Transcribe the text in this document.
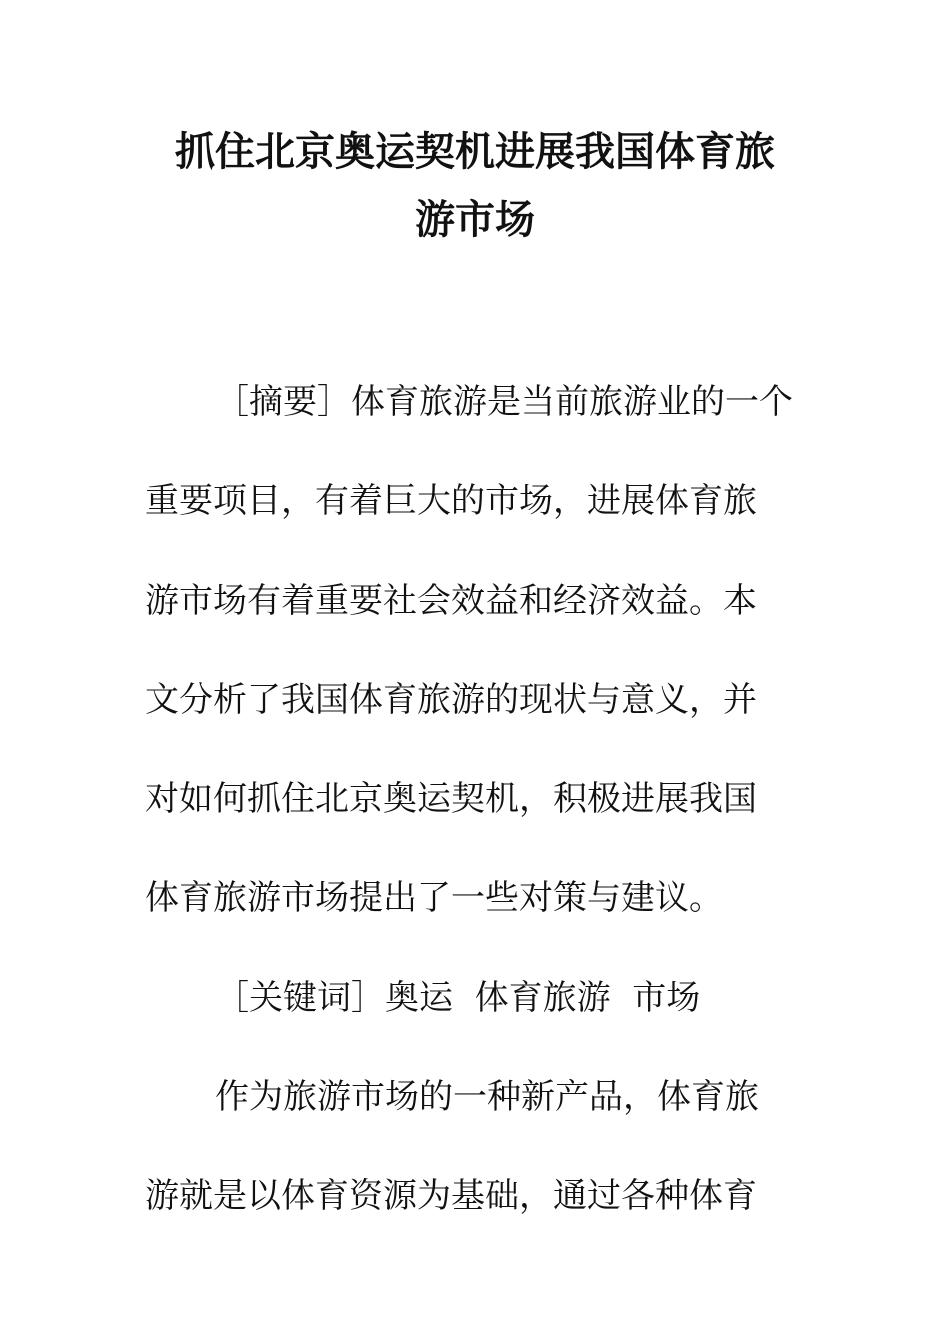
抓住北京奥运契机进展我国体育旅
游市场
［摘要］体育旅游是当前旅游业的一个
重要项目，有着巨大的市场，进展体育旅
游市场有着重要社会效益和经济效益。本
文分析了我国体育旅游的现状与意义，并
对如何抓住北京奥运契机，积极进展我国
体育旅游市场提出了一些对策与建议。
［关键词］奥运  体育旅游  市场
作为旅游市场的一种新产品，体育旅
游就是以体育资源为基础，通过各种体育
